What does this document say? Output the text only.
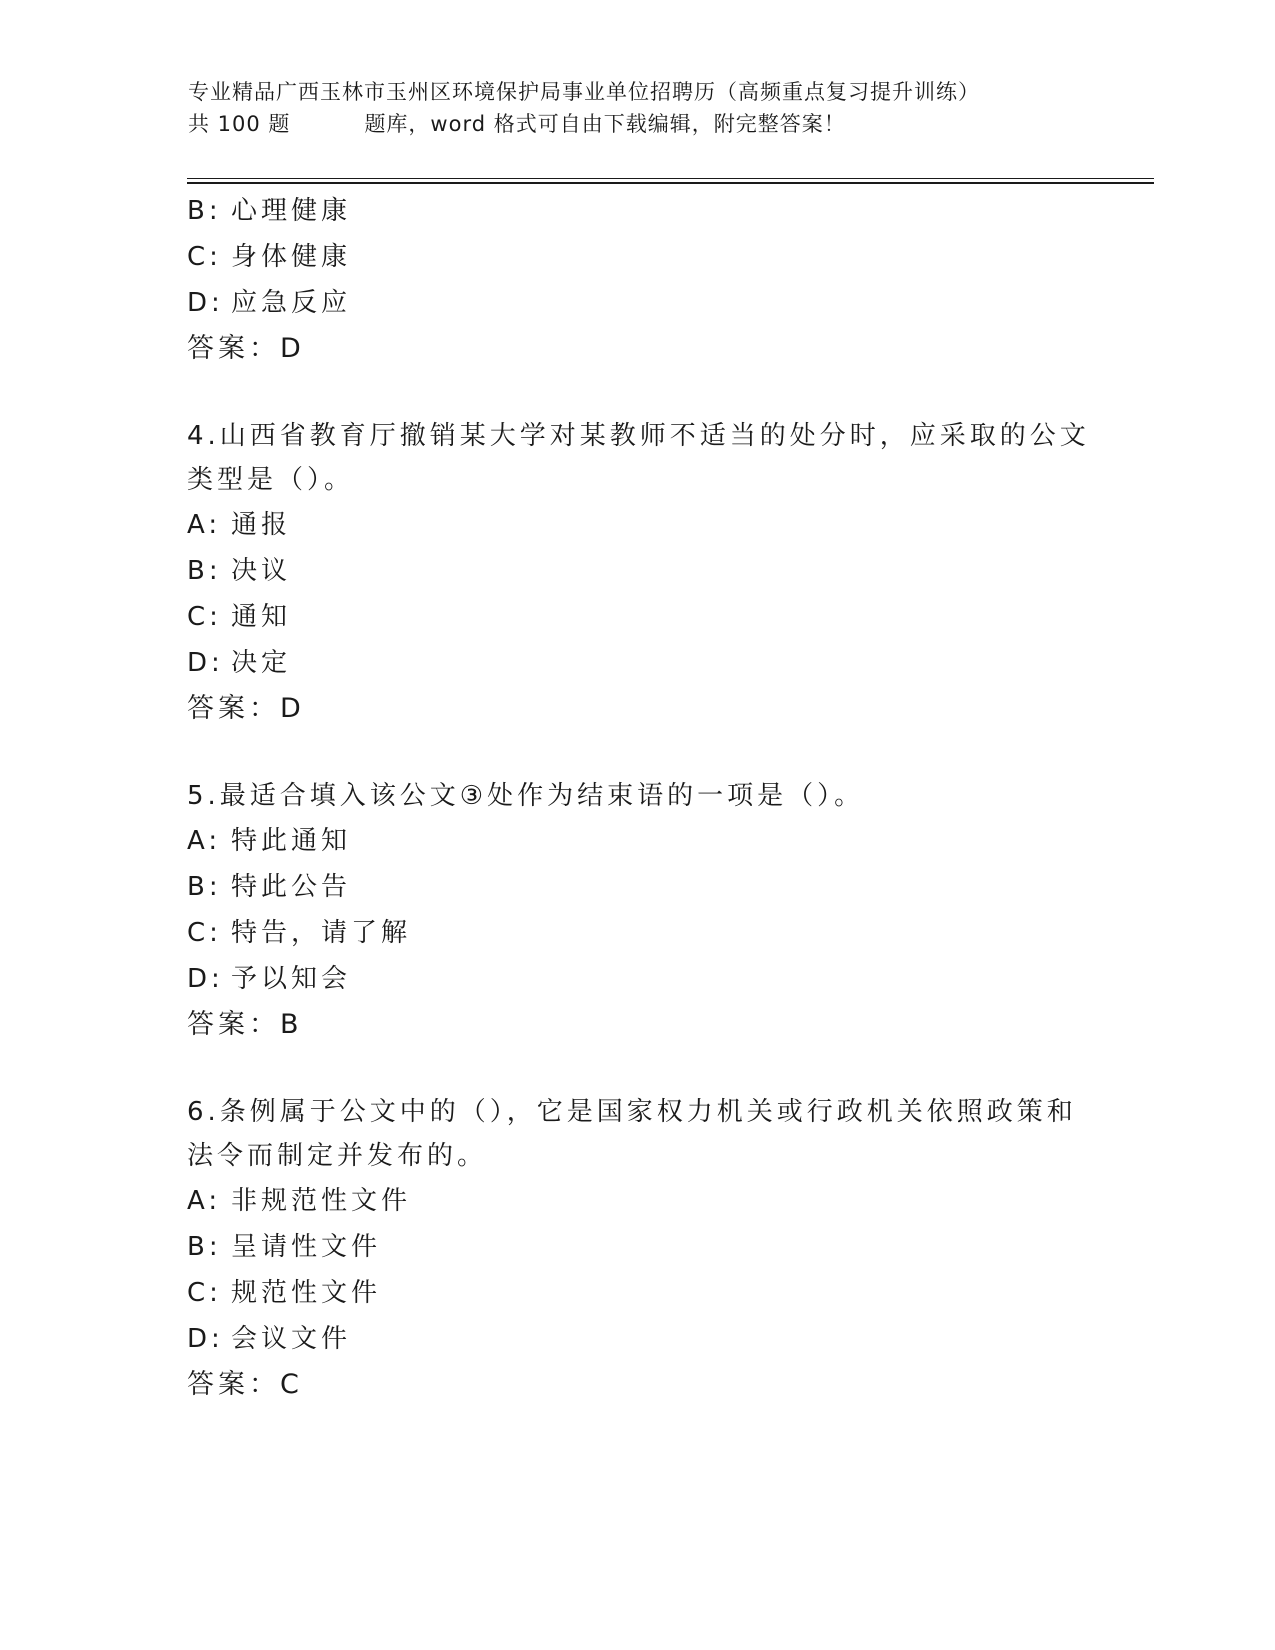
专业精品广西玉林市玉州区环境保护局事业单位招聘历（高频重点复习提升训练）
共 100 题	题库，word 格式可自由下载编辑，附完整答案！
B: 心理健康
C: 身体健康
D: 应急反应
答案：D
4.山西省教育厅撤销某大学对某教师不适当的处分时，应采取的公文
类型是（）。
A: 通报
B: 决议
C: 通知
D: 决定
答案：D
5.最适合填入该公文③处作为结束语的一项是（）。
A: 特此通知
B: 特此公告
C: 特告，请了解
D: 予以知会
答案：B
6.条例属于公文中的（），它是国家权力机关或行政机关依照政策和
法令而制定并发布的。
A: 非规范性文件
B: 呈请性文件
C: 规范性文件
D: 会议文件
答案：C
